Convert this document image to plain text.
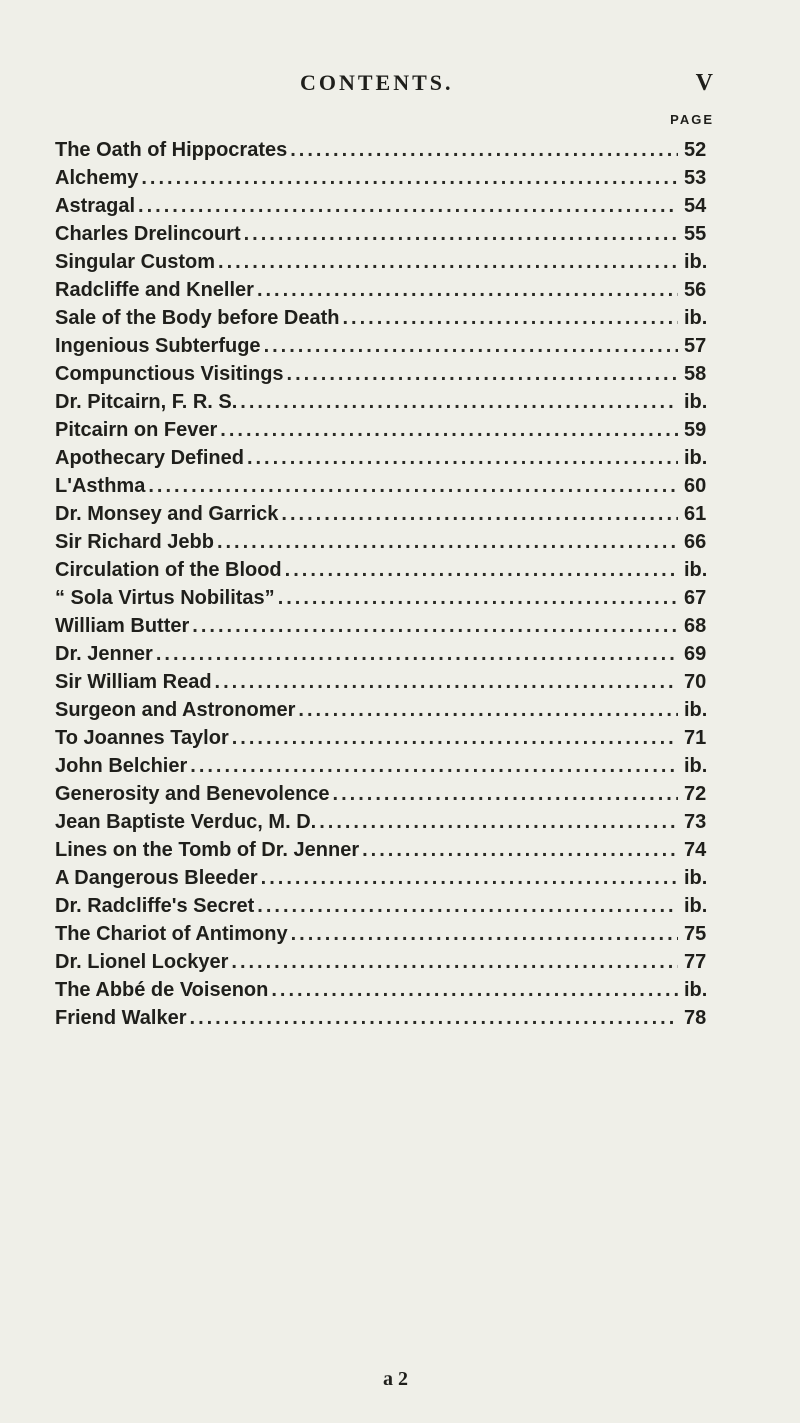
CONTENTS.	V
PAGE
The Oath of Hippocrates .....	52
Alchemy .....	53
Astragal .....	54
Charles Drelincourt .....	55
Singular Custom .....	ib.
Radcliffe and Kneller .....	56
Sale of the Body before Death .....	ib.
Ingenious Subterfuge .....	57
Compunctious Visitings .....	58
Dr. Pitcairn, F. R. S. .....	ib.
Pitcairn on Fever .....	59
Apothecary Defined .....	ib.
L'Asthma .....	60
Dr. Monsey and Garrick .....	61
Sir Richard Jebb .....	66
Circulation of the Blood .....	ib.
“ Sola Virtus Nobilitas” .....	67
William Butter .....	68
Dr. Jenner .....	69
Sir William Read .....	70
Surgeon and Astronomer .....	ib.
To Joannes Taylor .....	71
John Belchier .....	ib.
Generosity and Benevolence .....	72
Jean Baptiste Verduc, M. D. .....	73
Lines on the Tomb of Dr. Jenner .....	74
A Dangerous Bleeder .....	ib.
Dr. Radcliffe's Secret .....	ib.
The Chariot of Antimony .....	75
Dr. Lionel Lockyer .....	77
The Abbé de Voisenon .....	ib.
Friend Walker .....	78
a 2
